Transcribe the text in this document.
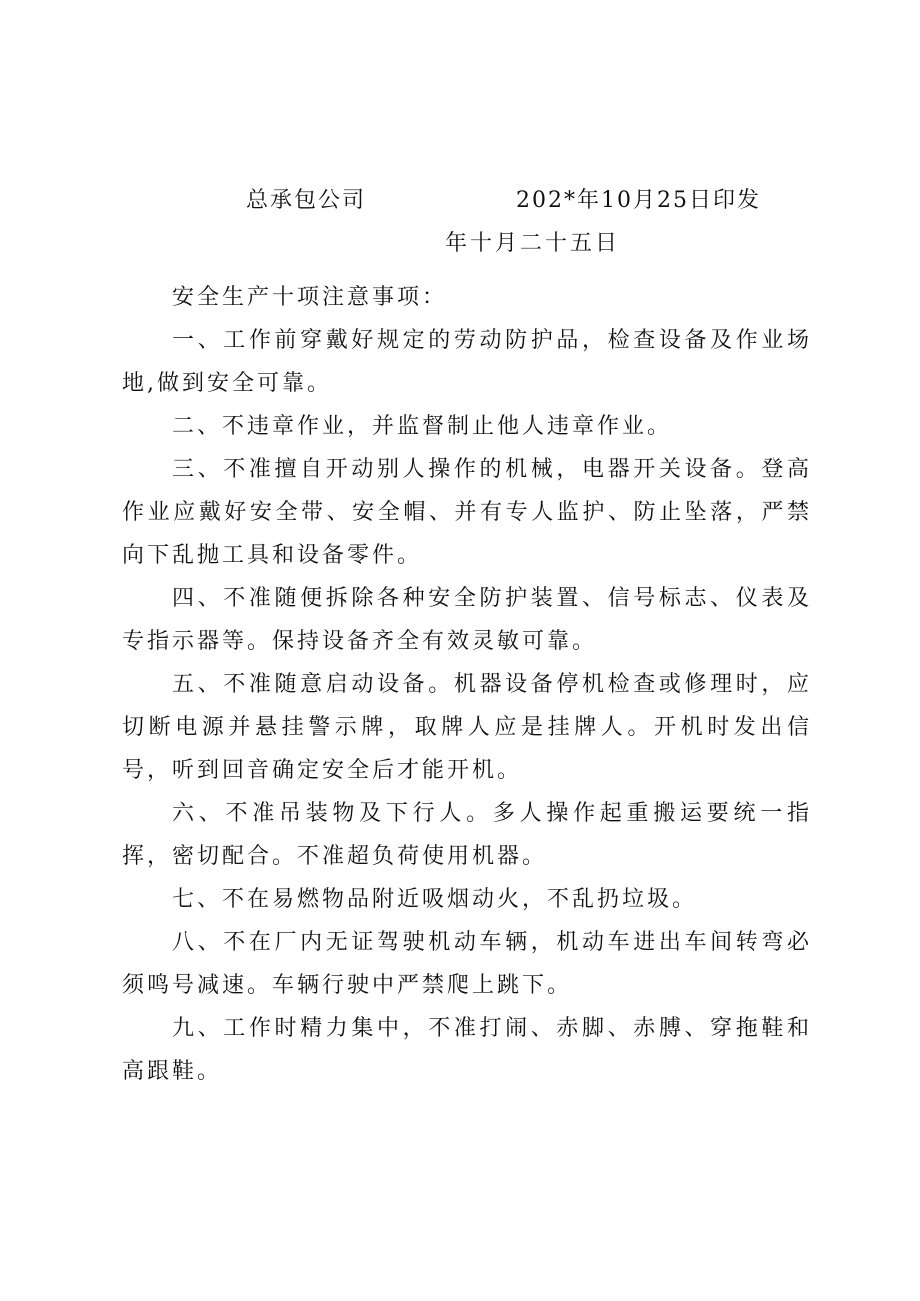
总承包公司	202*年10月25日印发
年十月二十五日

安全生产十项注意事项：

一、工作前穿戴好规定的劳动防护品，检查设备及作业场地,做到安全可靠。

二、不违章作业，并监督制止他人违章作业。

三、不准擅自开动别人操作的机械，电器开关设备。登高作业应戴好安全带、安全帽、并有专人监护、防止坠落，严禁向下乱抛工具和设备零件。

四、不准随便拆除各种安全防护装置、信号标志、仪表及专指示器等。保持设备齐全有效灵敏可靠。

五、不准随意启动设备。机器设备停机检查或修理时，应切断电源并悬挂警示牌，取牌人应是挂牌人。开机时发出信号，听到回音确定安全后才能开机。

六、不准吊装物及下行人。多人操作起重搬运要统一指挥，密切配合。不准超负荷使用机器。

七、不在易燃物品附近吸烟动火，不乱扔垃圾。

八、不在厂内无证驾驶机动车辆，机动车进出车间转弯必须鸣号减速。车辆行驶中严禁爬上跳下。

九、工作时精力集中，不准打闹、赤脚、赤膊、穿拖鞋和高跟鞋。
